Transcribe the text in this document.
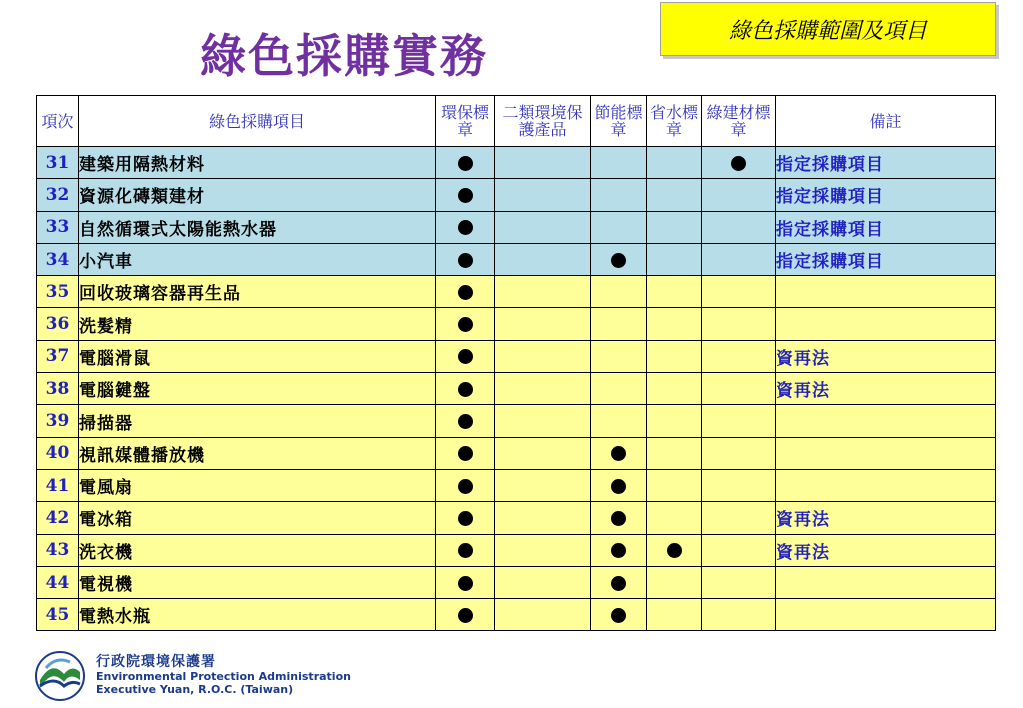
綠色採購實務	綠色採購範圍及項目
項次	綠色採購項目	環保標章	二類環境保護產品	節能標章	省水標章	綠建材標章	備註
31	建築用隔熱材料						指定採購項目
32	資源化磚類建材						指定採購項目
33	自然循環式太陽能熱水器						指定採購項目
34	小汽車						指定採購項目
35	回收玻璃容器再生品						
36	洗髮精						
37	電腦滑鼠						資再法
38	電腦鍵盤						資再法
39	掃描器						
40	視訊媒體播放機						
41	電風扇						
42	電冰箱						資再法
43	洗衣機						資再法
44	電視機						
45	電熱水瓶						
行政院環境保護署
Environmental Protection Administration
Executive Yuan, R.O.C. (Taiwan)
